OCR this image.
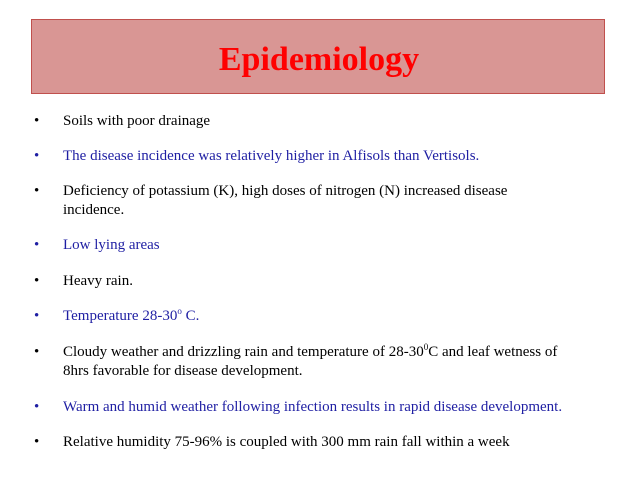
Epidemiology
• Soils with poor drainage
• The disease incidence was relatively higher in Alfisols than Vertisols.
• Deficiency of potassium (K), high doses of nitrogen (N) increased disease
incidence.
• Low lying areas
• Heavy rain.
• Temperature 28-30$^o$ C.
• Cloudy weather and drizzling rain and temperature of $28-30^0C$ and leaf wetness of
8hrs favorable for disease development.
• Warm and humid weather following infection results in rapid disease development.
• Relative humidity 75-96% is coupled with 300 mm rain fall within a week
